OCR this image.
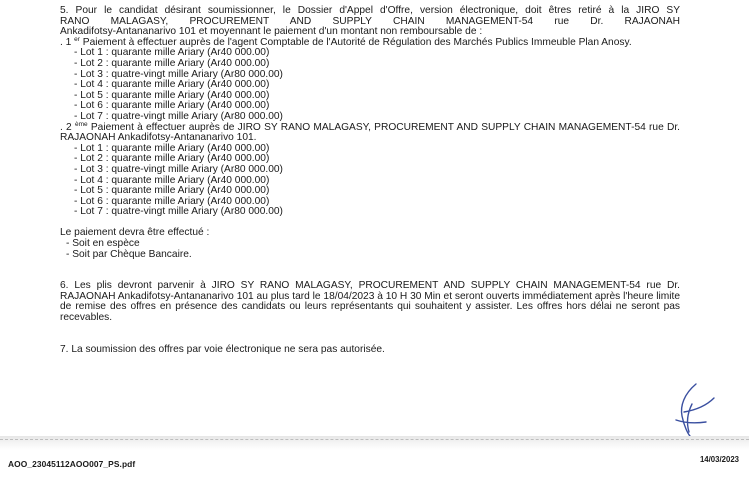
5. Pour le candidat désirant soumissionner, le Dossier d'Appel d'Offre, version électronique, doit êtres retiré à la JIRO SY

RANO MALAGASY, PROCUREMENT AND SUPPLY CHAIN MANAGEMENT-54 rue Dr. RAJAONAH

Ankadifotsy-Antananarivo 101 et moyennant le paiement d'un montant non remboursable de :

. 1 $^{er}$ Paiement à effectuer auprès de l'agent Comptable de l'Autorité de Régulation des Marchés Publics Immeuble Plan Anosy.

- Lot 1 : quarante mille Ariary (Ar40 000.00)

- Lot 2 : quarante mille Ariary (Ar40 000.00)

- Lot 3 : quatre-vingt mille Ariary (Ar80 000.00)

- Lot 4 : quarante mille Ariary (Ar40 000.00)

- Lot 5 : quarante mille Ariary (Ar40 000.00)

- Lot 6 : quarante mille Ariary (Ar40 000.00)

- Lot 7 : quatre-vingt mille Ariary (Ar80 000.00)

. 2 $^{ème}$ Paiement à effectuer auprès de JIRO SY RANO MALAGASY, PROCUREMENT AND SUPPLY CHAIN MANAGEMENT-54 rue Dr. RAJAONAH Ankadifotsy-Antananarivo 101.

- Lot 1 : quarante mille Ariary (Ar40 000.00)

- Lot 2 : quarante mille Ariary (Ar40 000.00)

- Lot 3 : quatre-vingt mille Ariary (Ar80 000.00)

- Lot 4 : quarante mille Ariary (Ar40 000.00)

- Lot 5 : quarante mille Ariary (Ar40 000.00)

- Lot 6 : quarante mille Ariary (Ar40 000.00)

- Lot 7 : quatre-vingt mille Ariary (Ar80 000.00)

Le paiement devra être effectué :

- Soit en espèce

- Soit par Chèque Bancaire.

6. Les plis devront parvenir à JIRO SY RANO MALAGASY, PROCUREMENT AND SUPPLY CHAIN MANAGEMENT-54 rue Dr. RAJAONAH Ankadifotsy-Antananarivo 101 au plus tard le 18/04/2023 à 10 H 30 Min et seront ouverts immédiatement après l'heure limite de remise des offres en présence des candidats ou leurs représentants qui souhaitent y assister. Les offres hors délai ne seront pas recevables.

7. La soumission des offres par voie électronique ne sera pas autorisée.

AOO_23045112AOO007_PS.pdf	14/03/2023
